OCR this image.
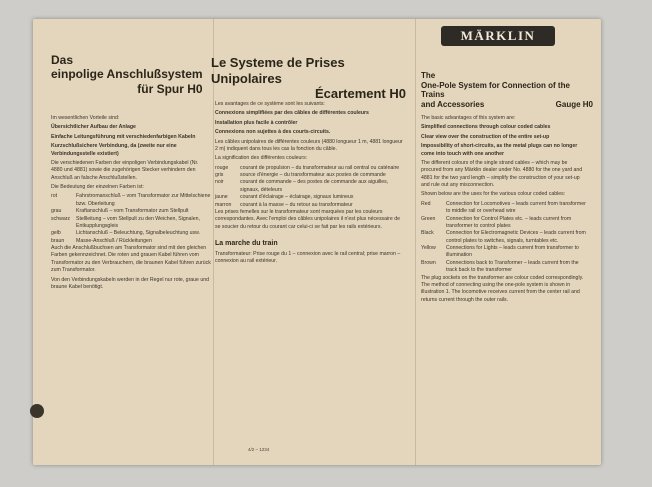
MÄRKLIN
Das
einpolige Anschlußsystem
für Spur H0

Im wesentlichen Vorteile sind:

Übersichtlicher Aufbau der Anlage

Einfache Leitungsführung mit verschiedenfarbigen Kabeln

Kurzschlußsichere Verbindung, da (zweite nur eine Verbindungsstelle existiert)

Die verschiedenen Farben der einpoligen Verbindungskabel (Nr. 4880 und 4881) sowie die zugehörigen Stecker verhindern den Anschluß an falsche Anschlußstellen.

Die Bedeutung der einzelnen Farben ist:

rot	Fahrstromanschluß – vom Transformator zur Mittelschiene bzw. Oberleitung
grau	Kraftanschluß – vom Transformator zum Stellpult
schwarz	Stellleitung – vom Stellpult zu den Weichen, Signalen, Entkupplungsgleis
gelb	Lichtanschluß – Beleuchtung, Signalbeleuchtung usw.
braun	Masse-Anschluß / Rückleitungen

Auch die Anschlußbuchsen am Transformator sind mit den gleichen Farben gekennzeichnet. Die roten und grauen Kabel führen vom Transformator zu den Verbrauchern, die braunen Kabel führen zurück zum Transformator.

Von den Verbindungskabeln werden in der Regel nur rote, graue und braune Kabel benötigt.

Le Systeme de Prises Unipolaires
Écartement H0

Les avantages de ce système sont les suivants:

Connexions simplifiées par des câbles de différentes couleurs

Installation plus facile à contrôler

Connexions non sujettes à des courts-circuits.

Les câbles unipolaires de différentes couleurs (4880 longueur 1 m, 4881 longueur 2 m) indiquent dans tous les cas la fonction du câble.

La signification des différentes couleurs:

rouge	courant de propulsion – du transformateur au rail central ou caténaire
gris	source d'énergie – du transformateur aux postes de commande
noir	courant de commande – des postes de commande aux aiguilles, signaux, dételeurs
jaune	courant d'éclairage – éclairage, signaux lumineux
marron	courant à la masse – du retour au transformateur

Les prises femelles sur le transformateur sont marquées par les couleurs correspondantes. Avec l'emploi des câbles unipolaires il n'est plus nécessaire de se soucier du retour du courant car celui-ci se fait par les rails extérieurs.

La marche du train

Transformateur: Prise rouge du 1 – connexion avec le rail central; prise marron – connexion au rail extérieur.

The
One-Pole System for Connection of the Trains
and Accessories	Gauge H0

The basic advantages of this system are:

Simplified connections through colour coded cables

Clear view over the construction of the entire set-up

Impossibility of short-circuits, as the metal plugs can no longer come into touch with one another

The different colours of the single strand cables – which may be procured from any Märklin dealer under No. 4880 for the one yard and 4881 for the two yard length – simplify the construction of your set-up and rule out any misconnection.

Shown below are the uses for the various colour coded cables:

Red	Connection for Locomotives – leads current from transformer to middle rail or overhead wire
Green	Connection for Control Plates etc. – leads current from transformer to control plates
Black	Connection for Electromagnetic Devices – leads current from control plates to switches, signals, turntables etc.
Yellow	Connections for Lights – leads current from transformer to illumination
Brown	Connections back to Transformer – leads current from the track back to the transformer

The plug sockets on the transformer are colour coded correspondingly. The method of connecting using the one-pole system is shown in illustration 1. The locomotive receives current from the center rail and returns current through the outer rails.

4/2 – 1234
